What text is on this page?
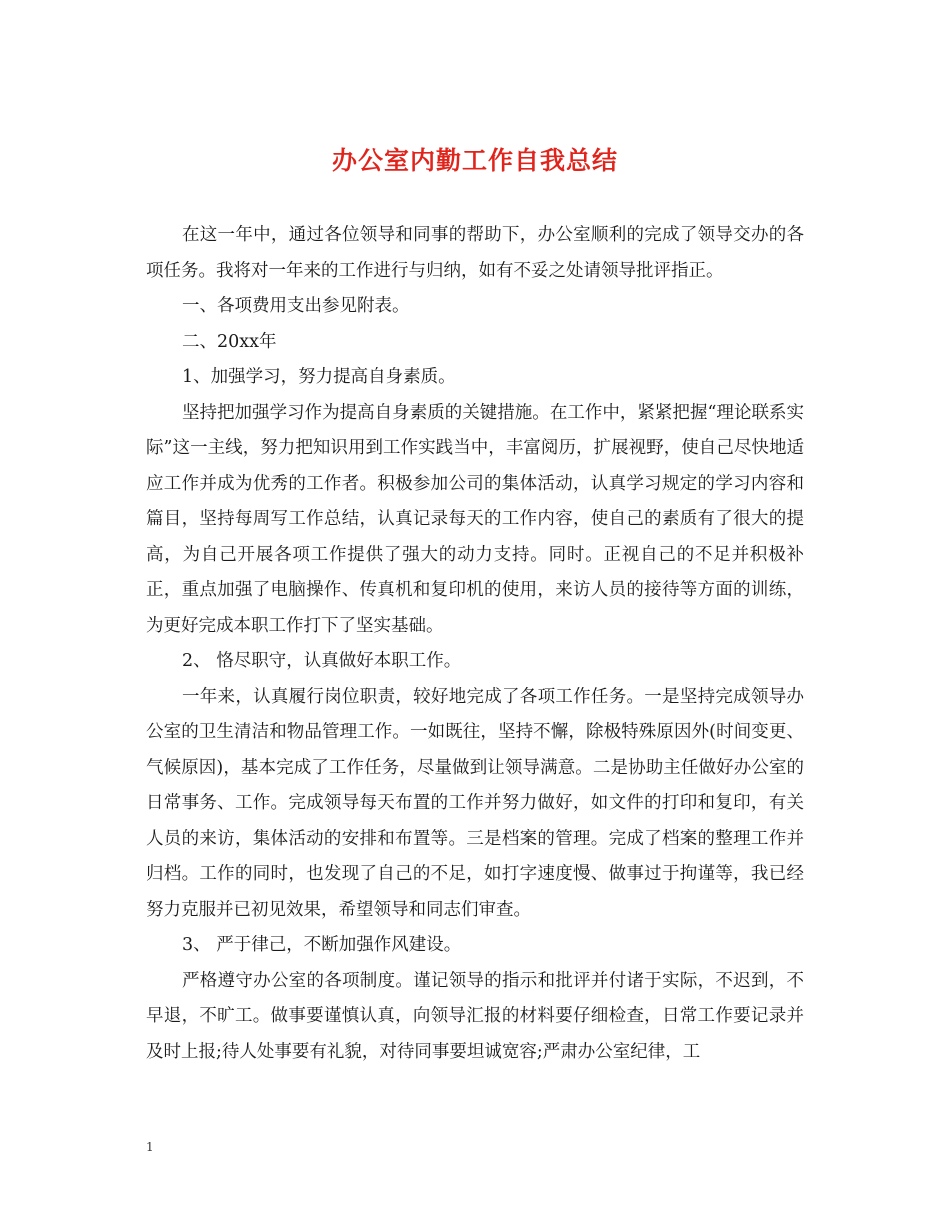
办公室内勤工作自我总结

在这一年中，通过各位领导和同事的帮助下，办公室顺利的完成了领导交办的各项任务。我将对一年来的工作进行与归纳，如有不妥之处请领导批评指正。

一、各项费用支出参见附表。

二、20xx年

1、加强学习，努力提高自身素质。

坚持把加强学习作为提高自身素质的关键措施。在工作中，紧紧把握“理论联系实际”这一主线，努力把知识用到工作实践当中，丰富阅历，扩展视野，使自己尽快地适应工作并成为优秀的工作者。积极参加公司的集体活动，认真学习规定的学习内容和篇目，坚持每周写工作总结，认真记录每天的工作内容，使自己的素质有了很大的提高，为自己开展各项工作提供了强大的动力支持。同时。正视自己的不足并积极补正，重点加强了电脑操作、传真机和复印机的使用，来访人员的接待等方面的训练，为更好完成本职工作打下了坚实基础。

2、 恪尽职守，认真做好本职工作。

一年来，认真履行岗位职责，较好地完成了各项工作任务。一是坚持完成领导办公室的卫生清洁和物品管理工作。一如既往，坚持不懈，除极特殊原因外(时间变更、气候原因)，基本完成了工作任务，尽量做到让领导满意。二是协助主任做好办公室的日常事务、工作。完成领导每天布置的工作并努力做好，如文件的打印和复印，有关人员的来访，集体活动的安排和布置等。三是档案的管理。完成了档案的整理工作并归档。工作的同时，也发现了自己的不足，如打字速度慢、做事过于拘谨等，我已经努力克服并已初见效果，希望领导和同志们审查。

3、 严于律己，不断加强作风建设。

严格遵守办公室的各项制度。谨记领导的指示和批评并付诸于实际，不迟到，不早退，不旷工。做事要谨慎认真，向领导汇报的材料要仔细检查，日常工作要记录并及时上报;待人处事要有礼貌，对待同事要坦诚宽容;严肃办公室纪律，工

1
